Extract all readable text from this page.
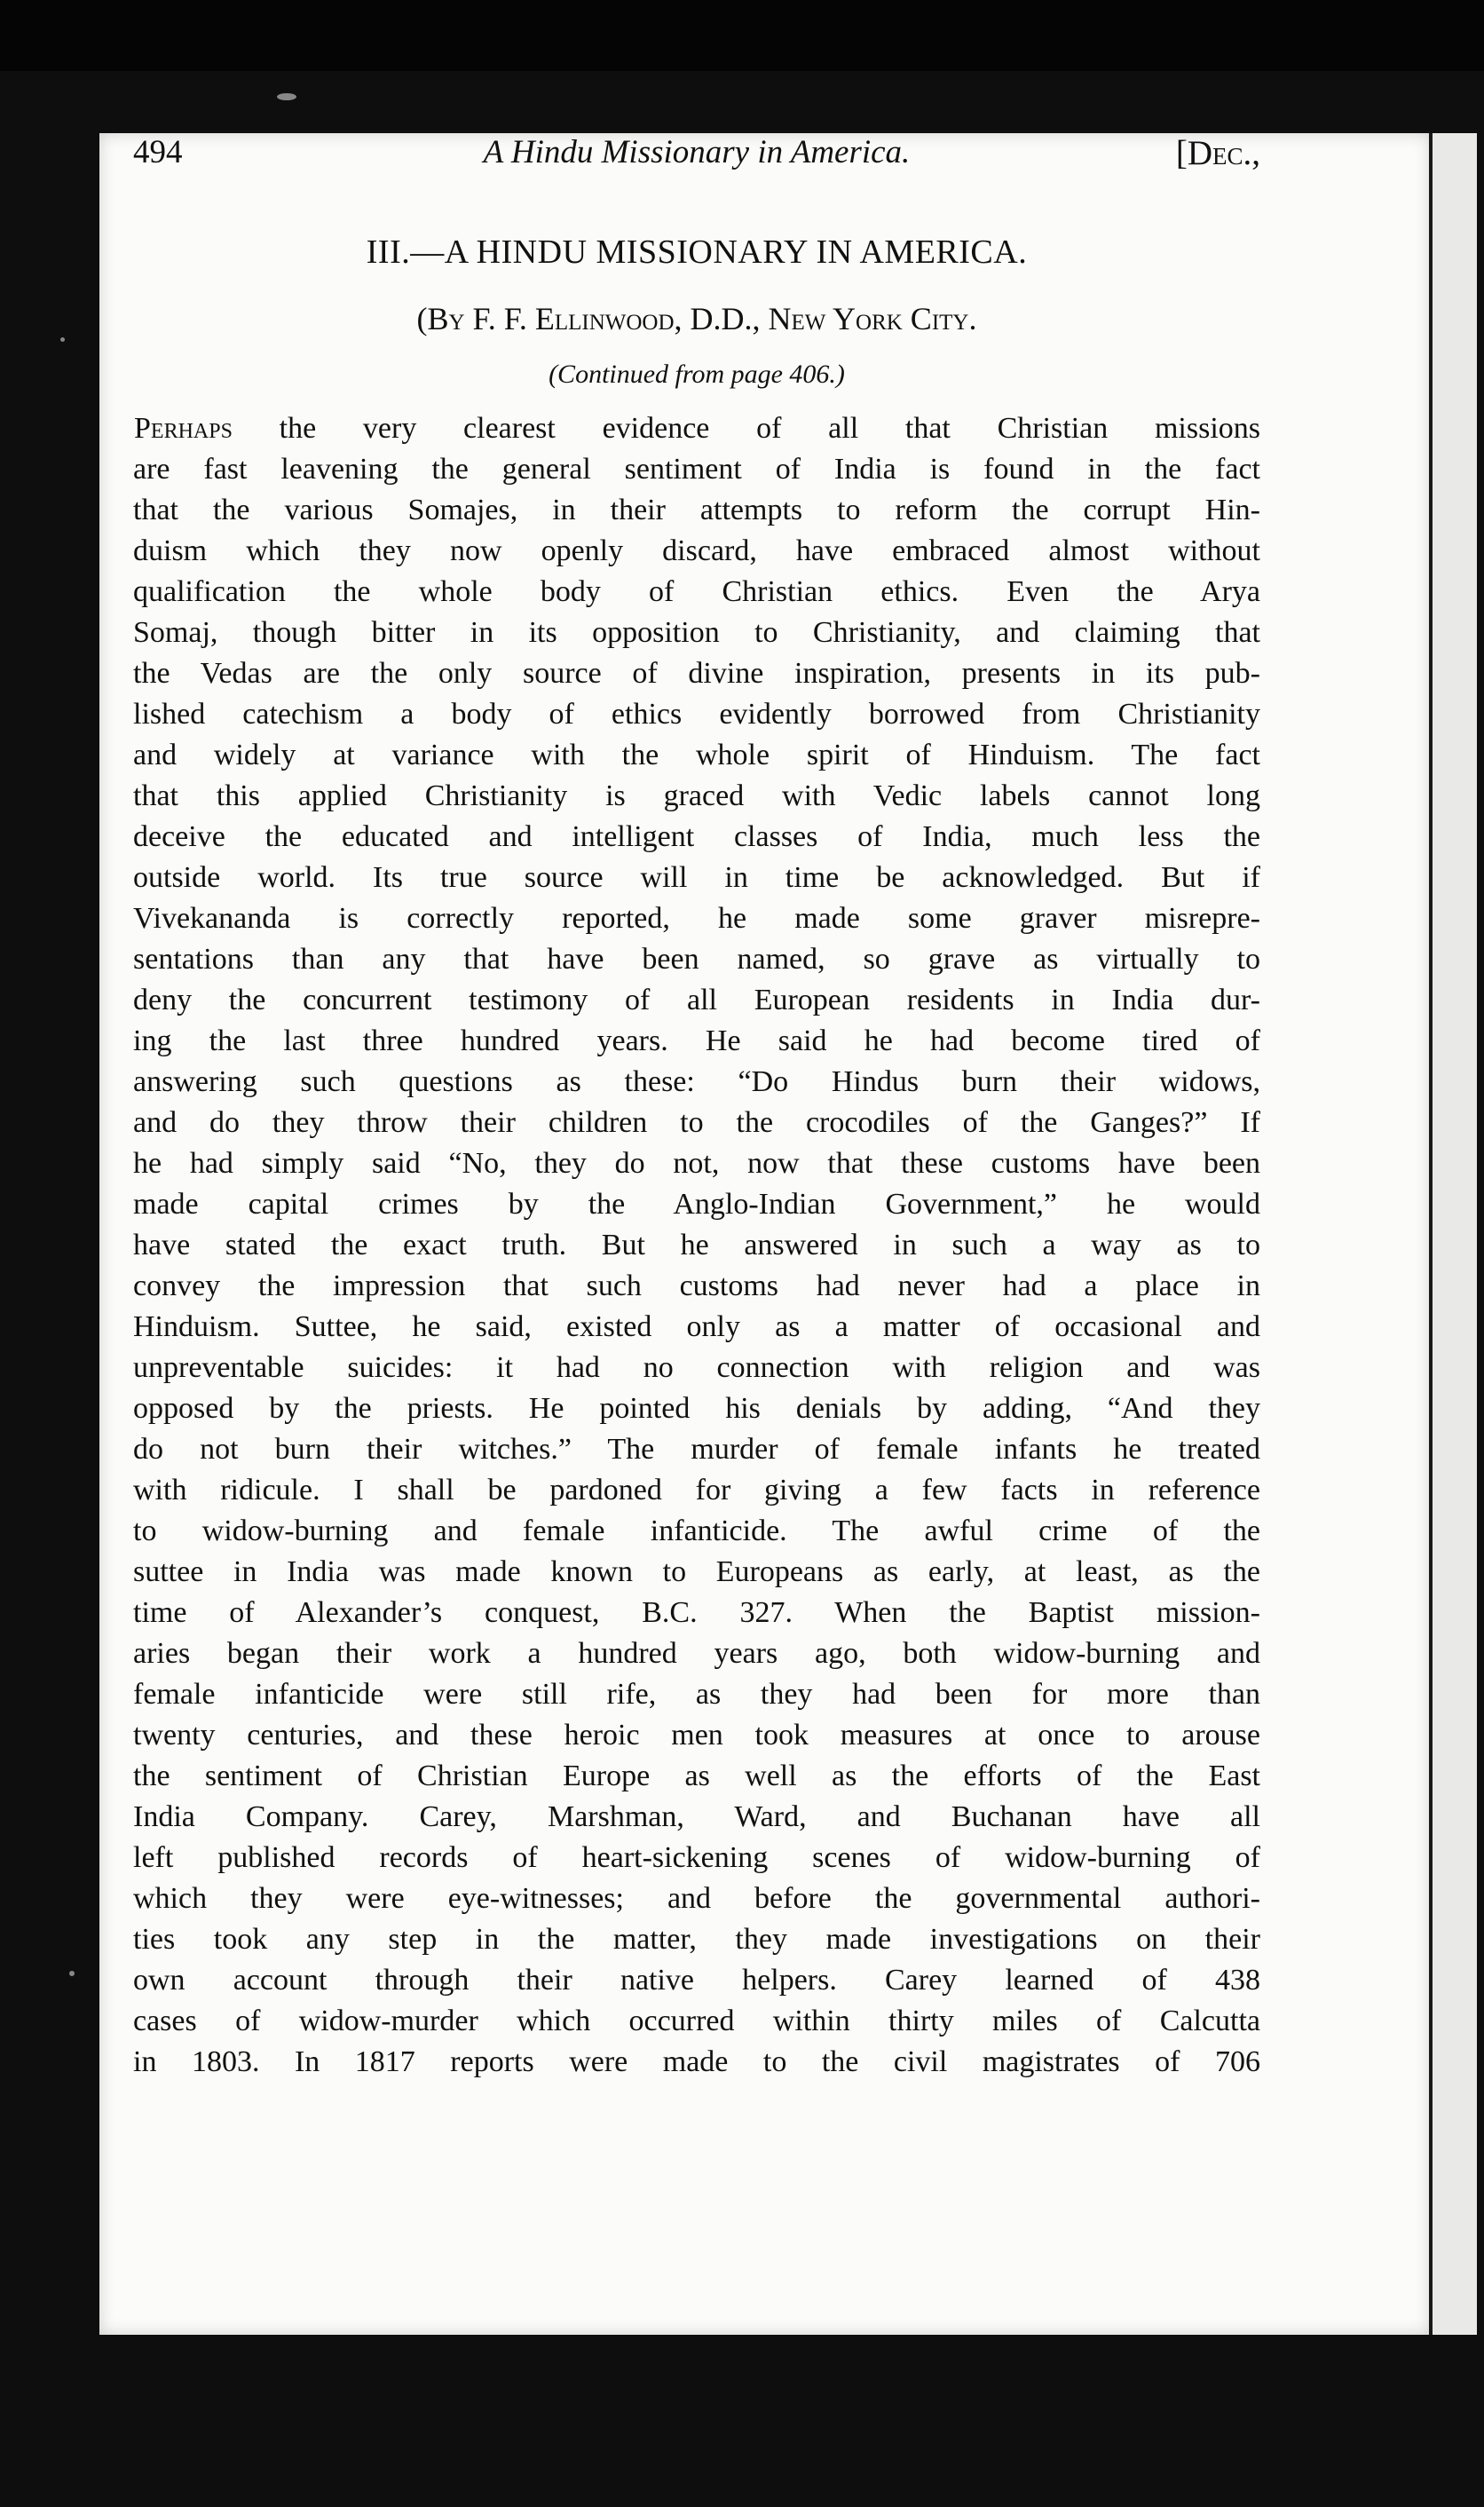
494	A Hindu Missionary in America.	[Dec.,
III.—A HINDU MISSIONARY IN AMERICA.
(By F. F. Ellinwood, D.D., New York City.
(Continued from page 406.)
Perhaps the very clearest evidence of all that Christian missions
are fast leavening the general sentiment of India is found in the fact
that the various Somajes, in their attempts to reform the corrupt Hin-
duism which they now openly discard, have embraced almost without
qualification the whole body of Christian ethics. Even the Arya
Somaj, though bitter in its opposition to Christianity, and claiming that
the Vedas are the only source of divine inspiration, presents in its pub-
lished catechism a body of ethics evidently borrowed from Christianity
and widely at variance with the whole spirit of Hinduism. The fact
that this applied Christianity is graced with Vedic labels cannot long
deceive the educated and intelligent classes of India, much less the
outside world. Its true source will in time be acknowledged. But if
Vivekananda is correctly reported, he made some graver misrepre-
sentations than any that have been named, so grave as virtually to
deny the concurrent testimony of all European residents in India dur-
ing the last three hundred years. He said he had become tired of
answering such questions as these: “Do Hindus burn their widows,
and do they throw their children to the crocodiles of the Ganges?” If
he had simply said “No, they do not, now that these customs have been
made capital crimes by the Anglo-Indian Government,” he would
have stated the exact truth. But he answered in such a way as to
convey the impression that such customs had never had a place in
Hinduism. Suttee, he said, existed only as a matter of occasional and
unpreventable suicides: it had no connection with religion and was
opposed by the priests. He pointed his denials by adding, “And they
do not burn their witches.” The murder of female infants he treated
with ridicule. I shall be pardoned for giving a few facts in reference
to widow-burning and female infanticide. The awful crime of the
suttee in India was made known to Europeans as early, at least, as the
time of Alexander’s conquest, B.C. 327. When the Baptist mission-
aries began their work a hundred years ago, both widow-burning and
female infanticide were still rife, as they had been for more than
twenty centuries, and these heroic men took measures at once to arouse
the sentiment of Christian Europe as well as the efforts of the East
India Company. Carey, Marshman, Ward, and Buchanan have all
left published records of heart-sickening scenes of widow-burning of
which they were eye-witnesses; and before the governmental authori-
ties took any step in the matter, they made investigations on their
own account through their native helpers. Carey learned of 438
cases of widow-murder which occurred within thirty miles of Calcutta
in 1803. In 1817 reports were made to the civil magistrates of 706
